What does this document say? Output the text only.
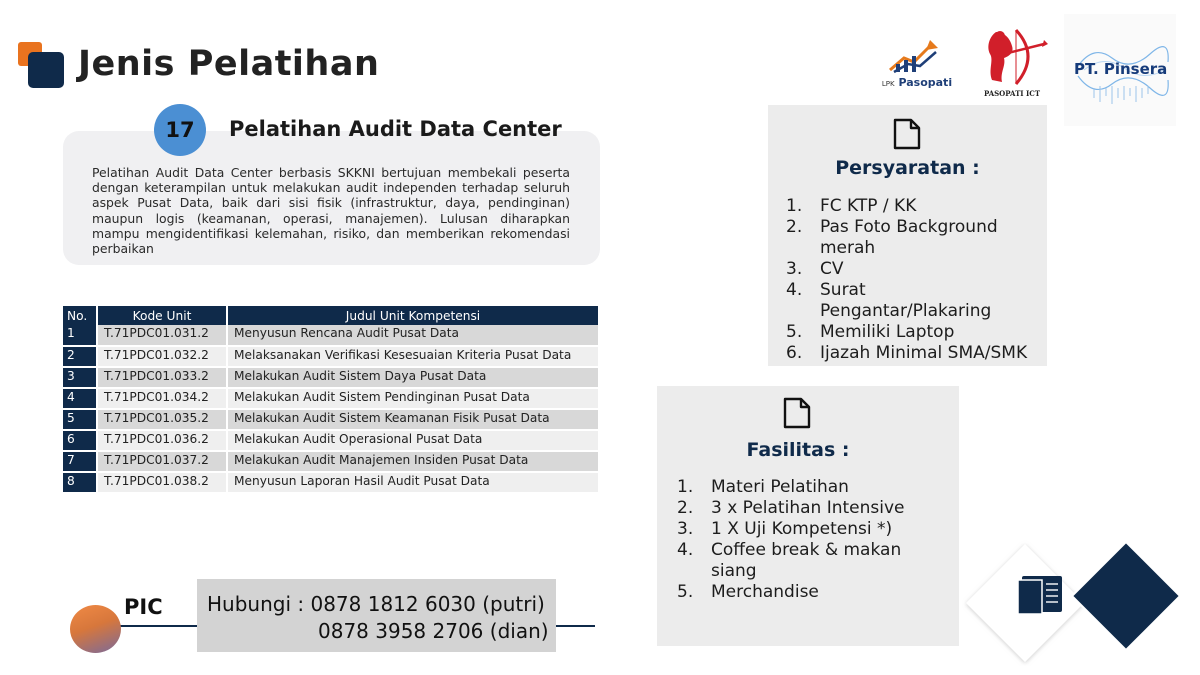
Jenis Pelatihan	LPK Pasopati
PASOPATI ICT
PT. Pinsera
17	Pelatihan Audit Data Center
Pelatihan Audit Data Center berbasis SKKNI bertujuan membekali peserta dengan keterampilan untuk melakukan audit independen terhadap seluruh aspek Pusat Data, baik dari sisi fisik (infrastruktur, daya, pendinginan) maupun logis (keamanan, operasi, manajemen). Lulusan diharapkan mampu mengidentifikasi kelemahan, risiko, dan memberikan rekomendasi perbaikan
No.	Kode Unit	Judul Unit Kompetensi
1	T.71PDC01.031.2	Menyusun Rencana Audit Pusat Data
2	T.71PDC01.032.2	Melaksanakan Verifikasi Kesesuaian Kriteria Pusat Data
3	T.71PDC01.033.2	Melakukan Audit Sistem Daya Pusat Data
4	T.71PDC01.034.2	Melakukan Audit Sistem Pendinginan Pusat Data
5	T.71PDC01.035.2	Melakukan Audit Sistem Keamanan Fisik Pusat Data
6	T.71PDC01.036.2	Melakukan Audit Operasional Pusat Data
7	T.71PDC01.037.2	Melakukan Audit Manajemen Insiden Pusat Data
8	T.71PDC01.038.2	Menyusun Laporan Hasil Audit Pusat Data
Persyaratan :
1.	FC KTP / KK
2.	Pas Foto Background merah
3.	CV
4.	Surat Pengantar/Plakaring
5.	Memiliki Laptop
6.	Ijazah Minimal SMA/SMK
Fasilitas :
1.	Materi Pelatihan
2.	3 x Pelatihan Intensive
3.	1 X Uji Kompetensi *)
4.	Coffee break & makan siang
5.	Merchandise
PIC Hubungi : 0878 1812 6030 (putri)
0878 3958 2706 (dian)
